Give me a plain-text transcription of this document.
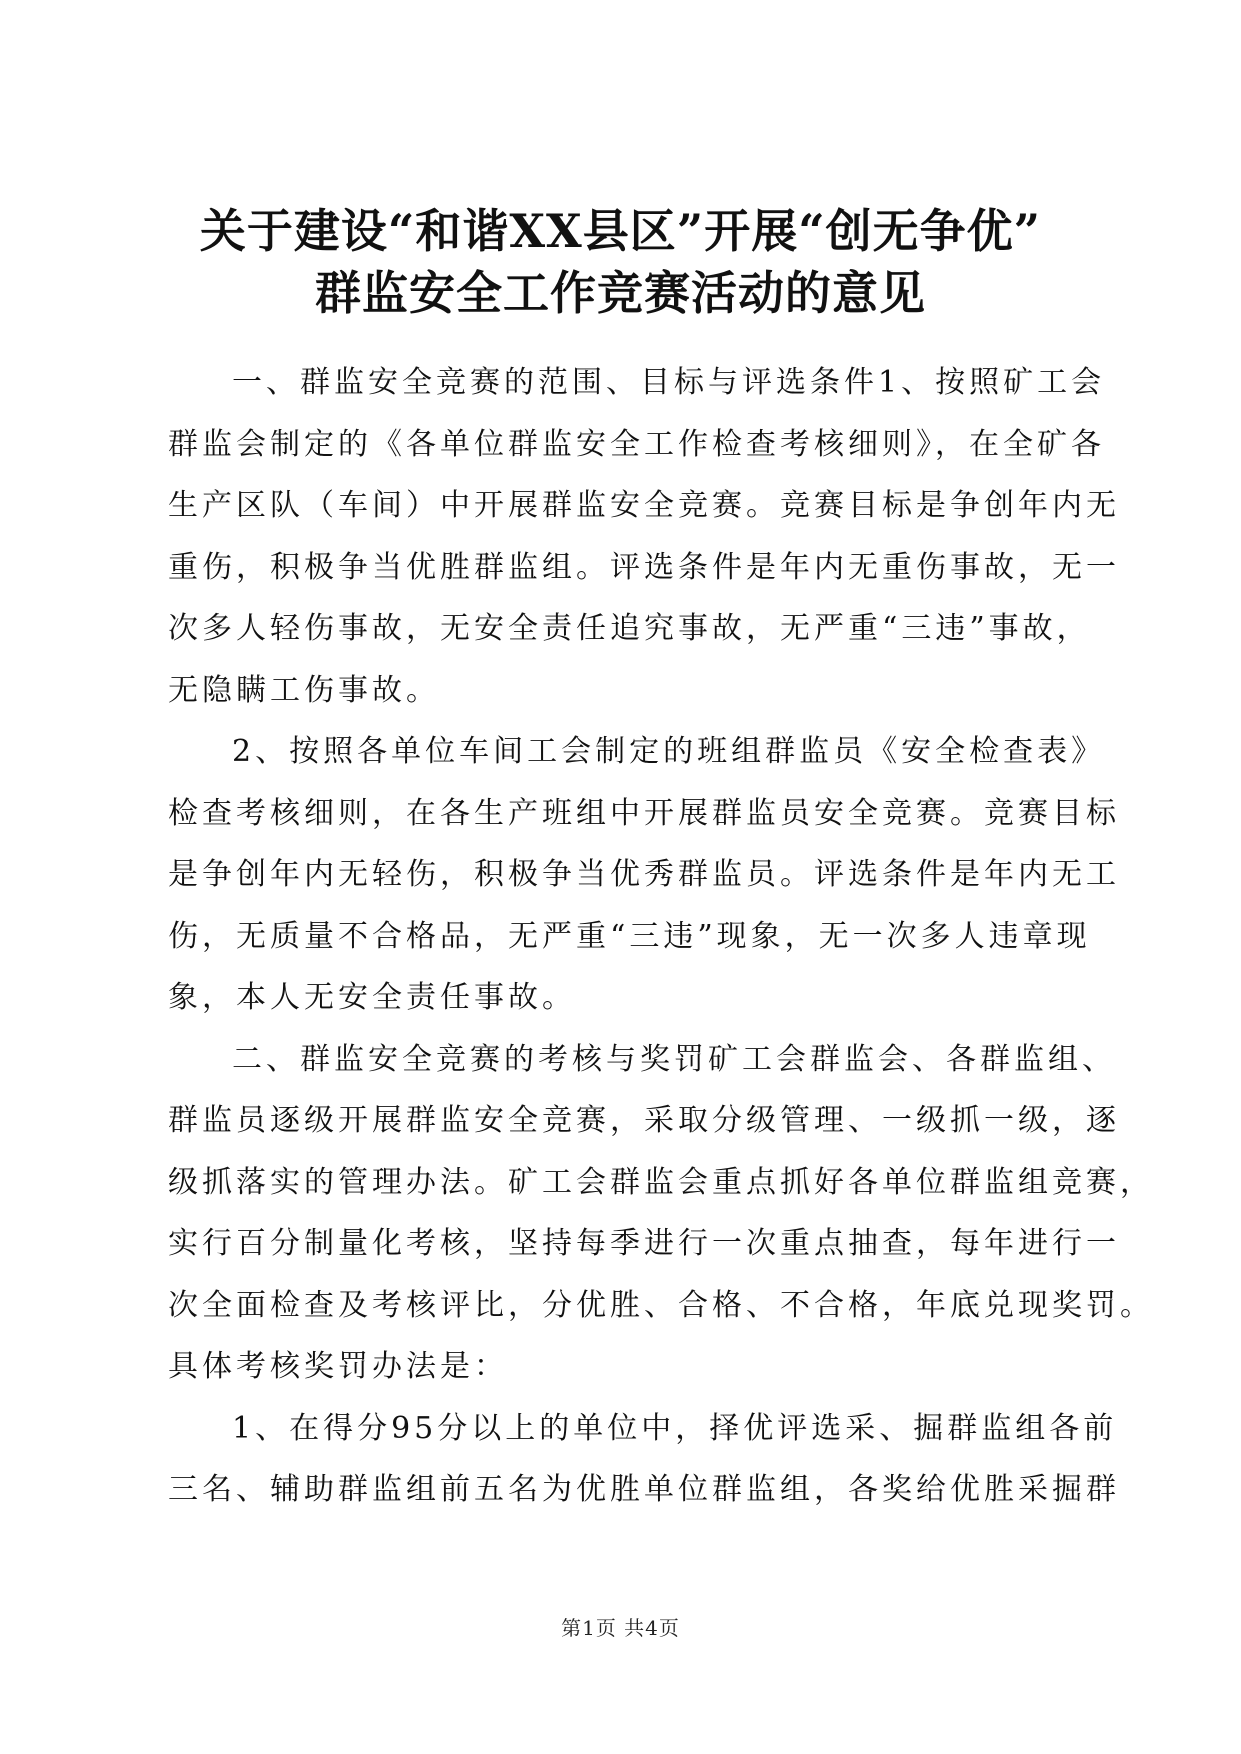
关于建设“和谐XX县区”开展“创无争优”
群监安全工作竞赛活动的意见

一、群监安全竞赛的范围、目标与评选条件1、按照矿工会
群监会制定的《各单位群监安全工作检查考核细则》，在全矿各
生产区队（车间）中开展群监安全竞赛。竞赛目标是争创年内无
重伤，积极争当优胜群监组。评选条件是年内无重伤事故，无一
次多人轻伤事故，无安全责任追究事故，无严重“三违”事故，
无隐瞒工伤事故。

2、按照各单位车间工会制定的班组群监员《安全检查表》
检查考核细则，在各生产班组中开展群监员安全竞赛。竞赛目标
是争创年内无轻伤，积极争当优秀群监员。评选条件是年内无工
伤，无质量不合格品，无严重“三违”现象，无一次多人违章现
象，本人无安全责任事故。

二、群监安全竞赛的考核与奖罚矿工会群监会、各群监组、
群监员逐级开展群监安全竞赛，采取分级管理、一级抓一级，逐
级抓落实的管理办法。矿工会群监会重点抓好各单位群监组竞赛，
实行百分制量化考核，坚持每季进行一次重点抽查，每年进行一
次全面检查及考核评比，分优胜、合格、不合格，年底兑现奖罚。
具体考核奖罚办法是：

1、在得分95分以上的单位中，择优评选采、掘群监组各前
三名、辅助群监组前五名为优胜单位群监组，各奖给优胜采掘群

第1页 共4页
